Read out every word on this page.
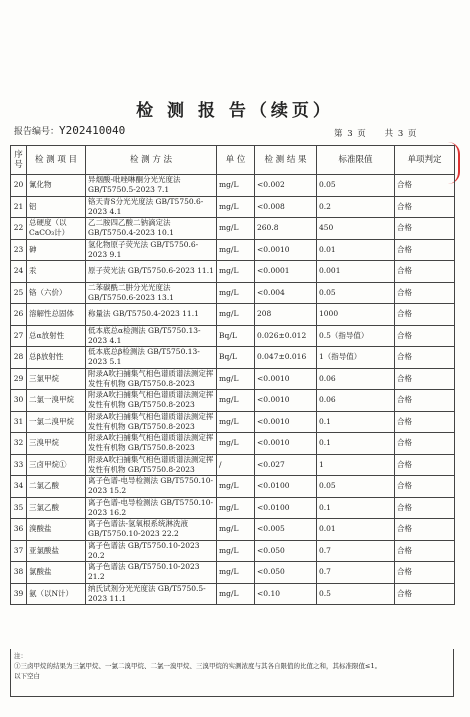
检 测 报 告（续页）
报告编号：Y202410040	第 3 页 共 3 页
序号	检 测 项 目	检 测 方 法	单 位	检 测 结 果	标准限值	单项判定
20	氰化物	异烟酸-吡唑啉酮分光光度法 GB/T5750.5-2023 7.1	mg/L	<0.002	0.05	合格
21	铝	铬天青S分光光度法 GB/T5750.6-2023 4.1	mg/L	<0.008	0.2	合格
22	总硬度（以CaCO₃计）	乙二胺四乙酸二钠滴定法 GB/T5750.4-2023 10.1	mg/L	260.8	450	合格
23	砷	氢化物原子荧光法 GB/T5750.6-2023 9.1	mg/L	<0.0010	0.01	合格
24	汞	原子荧光法 GB/T5750.6-2023 11.1	mg/L	<0.0001	0.001	合格
25	铬（六价）	二苯碳酰二肼分光光度法 GB/T5750.6-2023 13.1	mg/L	<0.004	0.05	合格
26	溶解性总固体	称量法 GB/T5750.4-2023 11.1	mg/L	208	1000	合格
27	总α放射性	低本底总α检测法 GB/T5750.13-2023 4.1	Bq/L	0.026±0.012	0.5（指导值）	合格
28	总β放射性	低本底总β检测法 GB/T5750.13-2023 5.1	Bq/L	0.047±0.016	1（指导值）	合格
29	三氯甲烷	附录A吹扫捕集气相色谱质谱法测定挥发性有机物 GB/T5750.8-2023	mg/L	<0.0010	0.06	合格
30	二氯一溴甲烷	附录A吹扫捕集气相色谱质谱法测定挥发性有机物 GB/T5750.8-2023	mg/L	<0.0010	0.06	合格
31	一氯二溴甲烷	附录A吹扫捕集气相色谱质谱法测定挥发性有机物 GB/T5750.8-2023	mg/L	<0.0010	0.1	合格
32	三溴甲烷	附录A吹扫捕集气相色谱质谱法测定挥发性有机物 GB/T5750.8-2023	mg/L	<0.0010	0.1	合格
33	三卤甲烷①	附录A吹扫捕集气相色谱质谱法测定挥发性有机物 GB/T5750.8-2023	/	<0.027	1	合格
34	二氯乙酸	离子色谱-电导检测法 GB/T5750.10-2023 15.2	mg/L	<0.0100	0.05	合格
35	三氯乙酸	离子色谱-电导检测法 GB/T5750.10-2023 16.2	mg/L	<0.0100	0.1	合格
36	溴酸盐	离子色谱法-氢氧根系统淋洗液 GB/T5750.10-2023 22.2	mg/L	<0.005	0.01	合格
37	亚氯酸盐	离子色谱法 GB/T5750.10-2023 20.2	mg/L	<0.050	0.7	合格
38	氯酸盐	离子色谱法 GB/T5750.10-2023 21.2	mg/L	<0.050	0.7	合格
39	氨（以N计）	纳氏试剂分光光度法 GB/T5750.5-2023 11.1	mg/L	<0.10	0.5	合格
注：
①三卤甲烷的结果为三氯甲烷、一氯二溴甲烷、二氯一溴甲烷、三溴甲烷的实测浓度与其各自限值的比值之和，其标准限值≤1。
以下空白
